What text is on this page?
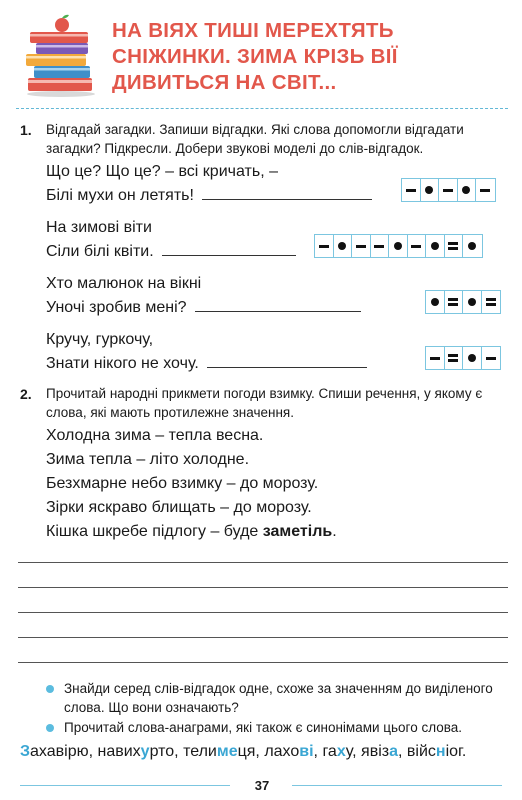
НА ВІЯХ ТИШІ МЕРЕХТЯТЬ
СНІЖИНКИ. ЗИМА КРІЗЬ ВІЇ
ДИВИТЬСЯ НА СВІТ...
1. Відгадай загадки. Запиши відгадки. Які слова допомогли відгадати загадки? Підкресли. Добери звукові моделі до слів-відгадок.
Що це? Що це? – всі кричать, –
Білі мухи он летять!
На зимові віти
Сіли білі квіти.
Хто малюнок на вікні
Уночі зробив мені?
Кручу, гуркочу,
Знати нікого не хочу.
2. Прочитай народні прикмети погоди взимку. Спиши речення, у якому є слова, які мають протилежне значення.
Холодна зима – тепла весна.
Зима тепла – літо холодне.
Безхмарне небо взимку – до морозу.
Зірки яскраво блищать – до морозу.
Кішка шкребе підлогу – буде заметіль.
Знайди серед слів-відгадок одне, схоже за значенням до виділеного слова. Що вони означають?
Прочитай слова-анаграми, які також є синонімами цього слова.
Захавірю, навихурто, телимеця, лахові, гаху, явіза, війсніог.
37
